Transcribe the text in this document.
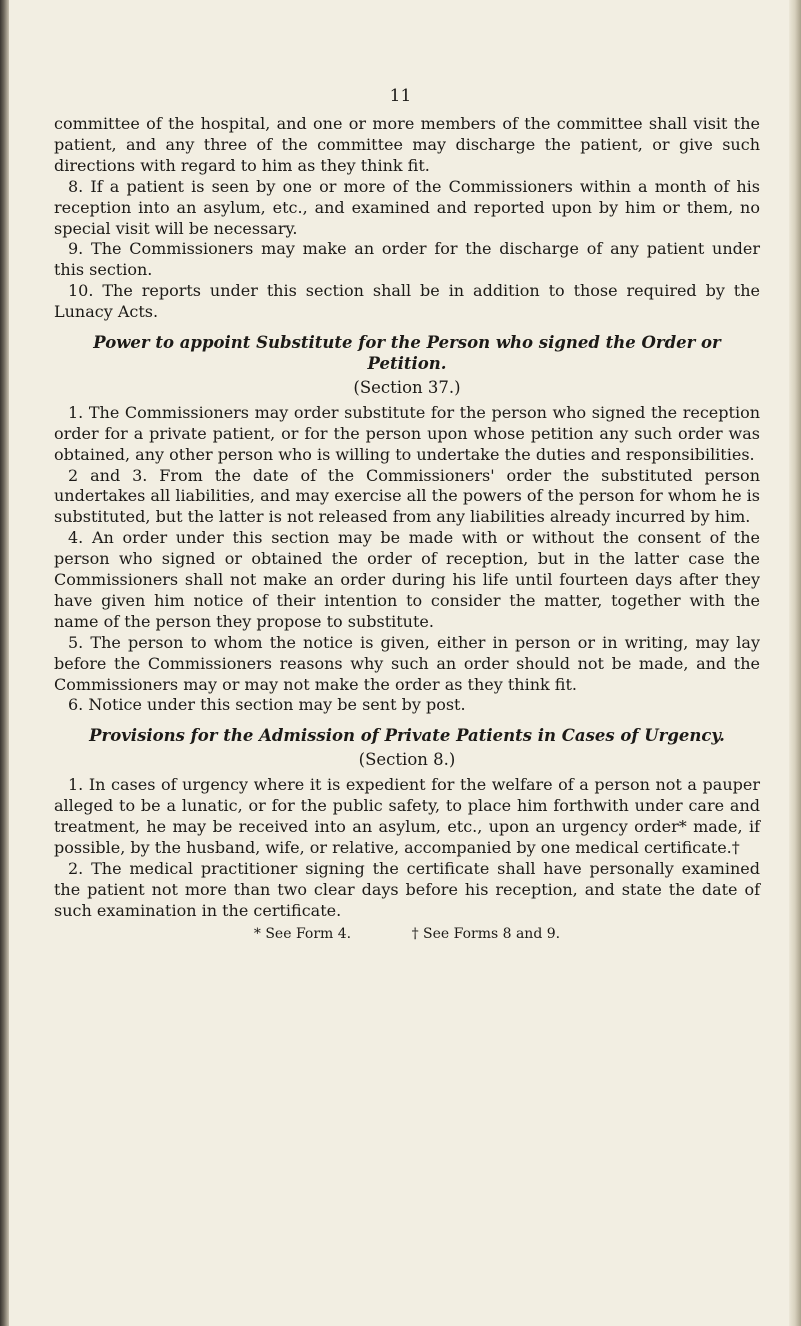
11

committee of the hospital, and one or more members of the committee shall visit the patient, and any three of the committee may discharge the patient, or give such directions with regard to him as they think fit.

8. If a patient is seen by one or more of the Commissioners within a month of his reception into an asylum, etc., and examined and reported upon by him or them, no special visit will be necessary.

9. The Commissioners may make an order for the discharge of any patient under this section.

10. The reports under this section shall be in addition to those required by the Lunacy Acts.

Power to appoint Substitute for the Person who signed the Order or Petition.

(Section 37.)

1. The Commissioners may order substitute for the person who signed the reception order for a private patient, or for the person upon whose petition any such order was obtained, any other person who is willing to undertake the duties and responsibilities.

2 and 3. From the date of the Commissioners' order the substituted person undertakes all liabilities, and may exercise all the powers of the person for whom he is substituted, but the latter is not released from any liabilities already incurred by him.

4. An order under this section may be made with or without the consent of the person who signed or obtained the order of reception, but in the latter case the Commissioners shall not make an order during his life until fourteen days after they have given him notice of their intention to consider the matter, together with the name of the person they propose to substitute.

5. The person to whom the notice is given, either in person or in writing, may lay before the Commissioners reasons why such an order should not be made, and the Commissioners may or may not make the order as they think fit.

6. Notice under this section may be sent by post.

Provisions for the Admission of Private Patients in Cases of Urgency.

(Section 8.)

1. In cases of urgency where it is expedient for the welfare of a person not a pauper alleged to be a lunatic, or for the public safety, to place him forthwith under care and treatment, he may be received into an asylum, etc., upon an urgency order* made, if possible, by the husband, wife, or relative, accompanied by one medical certificate.†

2. The medical practitioner signing the certificate shall have personally examined the patient not more than two clear days before his reception, and state the date of such examination in the certificate.

* See Form 4.	† See Forms 8 and 9.
